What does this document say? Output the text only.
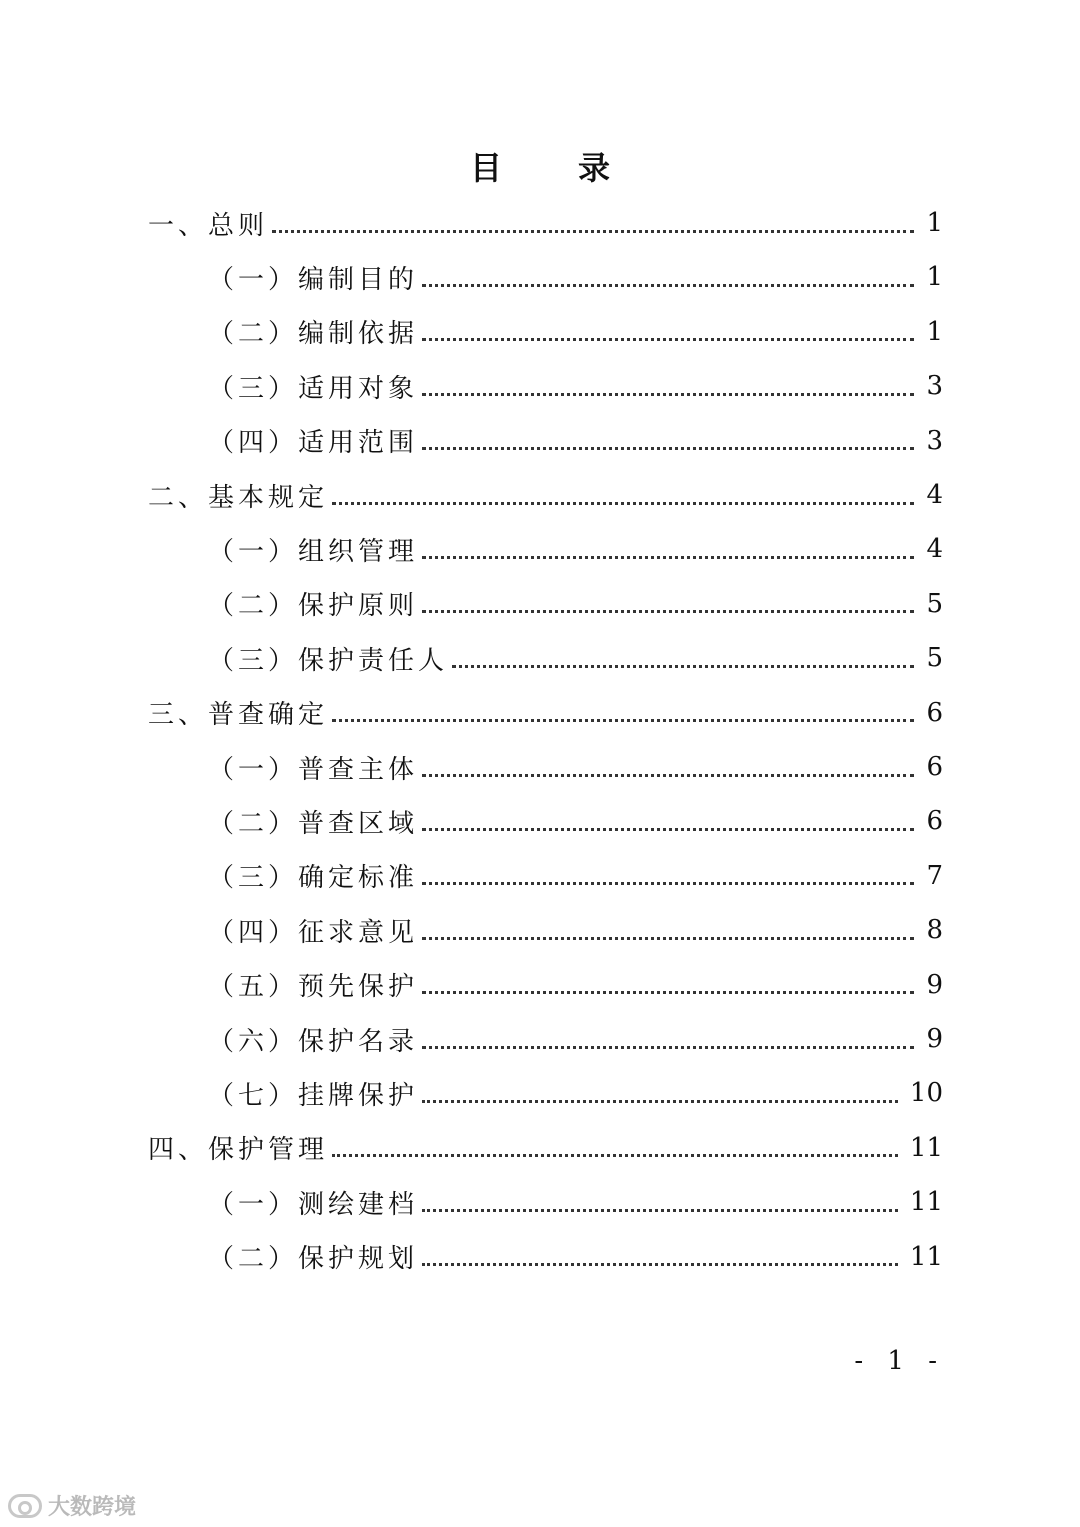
目　录
一、总则	1
（一）编制目的	1
（二）编制依据	1
（三）适用对象	3
（四）适用范围	3
二、基本规定	4
（一）组织管理	4
（二）保护原则	5
（三）保护责任人	5
三、普查确定	6
（一）普查主体	6
（二）普查区域	6
（三）确定标准	7
（四）征求意见	8
（五）预先保护	9
（六）保护名录	9
（七）挂牌保护	10
四、保护管理	11
（一）测绘建档	11
（二）保护规划	11
- 1 -
大数跨境
